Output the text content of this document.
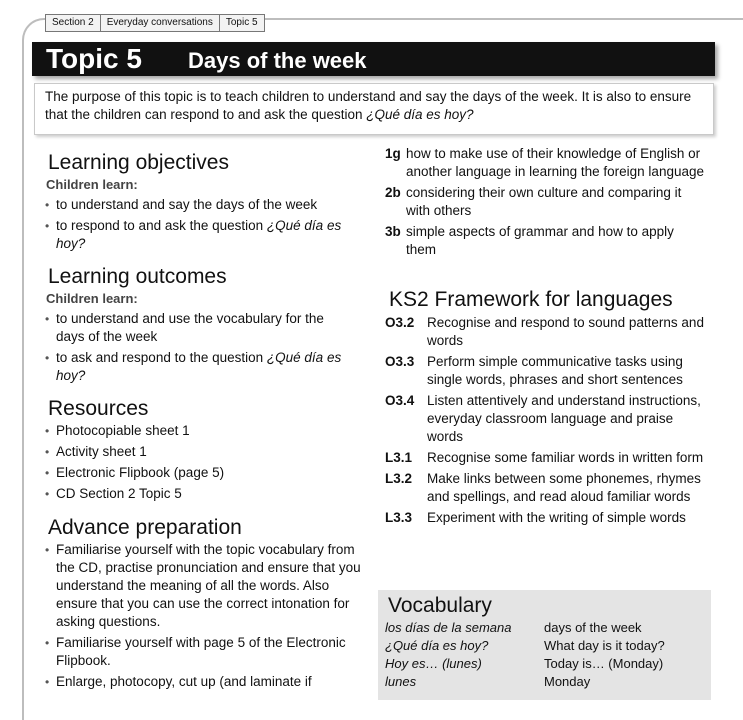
Section 2	Everyday conversations	Topic 5
Topic 5 Days of the week
The purpose of this topic is to teach children to understand and say the days of the week. It is also to ensure that the children can respond to and ask the question ¿Qué día es hoy?
Learning objectives
Children learn:
• to understand and say the days of the week
• to respond to and ask the question ¿Qué día es hoy?
Learning outcomes
Children learn:
• to understand and use the vocabulary for the days of the week
• to ask and respond to the question ¿Qué día es hoy?
Resources
• Photocopiable sheet 1
• Activity sheet 1
• Electronic Flipbook (page 5)
• CD Section 2 Topic 5
Advance preparation
• Familiarise yourself with the topic vocabulary from the CD, practise pronunciation and ensure that you understand the meaning of all the words. Also ensure that you can use the correct intonation for asking questions.
• Familiarise yourself with page 5 of the Electronic Flipbook.
• Enlarge, photocopy, cut up (and laminate if
1g how to make use of their knowledge of English or another language in learning the foreign language
2b considering their own culture and comparing it with others
3b simple aspects of grammar and how to apply them
KS2 Framework for languages
O3.2 Recognise and respond to sound patterns and words
O3.3 Perform simple communicative tasks using single words, phrases and short sentences
O3.4 Listen attentively and understand instructions, everyday classroom language and praise words
L3.1	Recognise some familiar words in written form
L3.2	Make links between some phonemes, rhymes and spellings, and read aloud familiar words
L3.3	Experiment with the writing of simple words
Vocabulary
los días de la semana	days of the week
¿Qué día es hoy?	What day is it today?
Hoy es… (lunes)	Today is… (Monday)
lunes	Monday
